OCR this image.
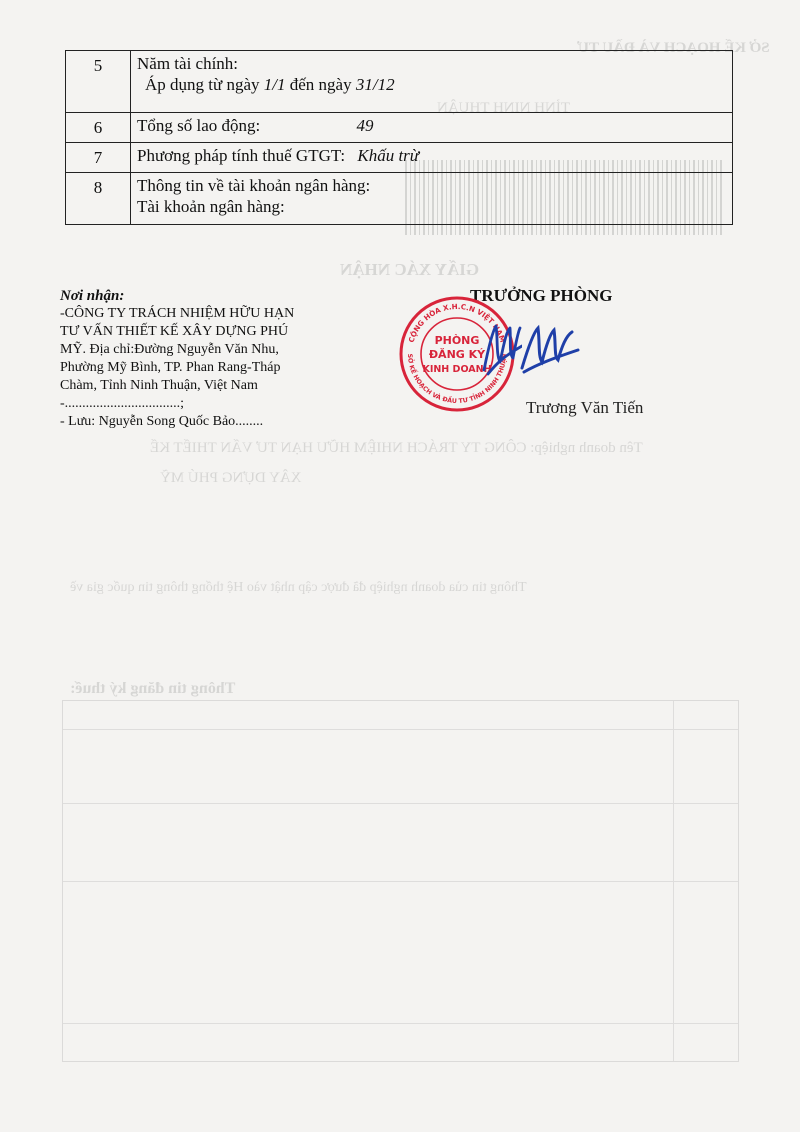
SỞ KẾ HOẠCH VÀ ĐẦU TƯ
TỈNH NINH THUẬN
GIẤY XÁC NHẬN
Tên doanh nghiệp: CÔNG TY TRÁCH NHIỆM HỮU HẠN TƯ VẤN THIẾT KẾ
XÂY DỰNG PHÚ MỸ
Thông tin của doanh nghiệp đã được cập nhật vào Hệ thống thông tin quốc gia về
Thông tin đăng ký thuế:
5	Năm tài chính:
Áp dụng từ ngày 1/1 đến ngày 31/12

6	Tổng số lao động: 49
7	Phương pháp tính thuế GTGT: Khấu trừ
8	Thông tin về tài khoản ngân hàng:
Tài khoản ngân hàng:
Nơi nhận:
-CÔNG TY TRÁCH NHIỆM HỮU HẠN
TƯ VẤN THIẾT KẾ XÂY DỰNG PHÚ
MỸ. Địa chỉ:Đường Nguyễn Văn Nhu,
Phường Mỹ Bình, TP. Phan Rang-Tháp
Chàm, Tỉnh Ninh Thuận, Việt Nam
-.................................;
- Lưu: Nguyễn Song Quốc Bảo........
TRƯỞNG PHÒNG
CỘNG HÒA X.H.C.N VIỆT NAM
SỞ KẾ HOẠCH VÀ ĐẦU TƯ TỈNH NINH THUẬN
PHÒNG
ĐĂNG KÝ
KINH DOANH
Trương Văn Tiến
